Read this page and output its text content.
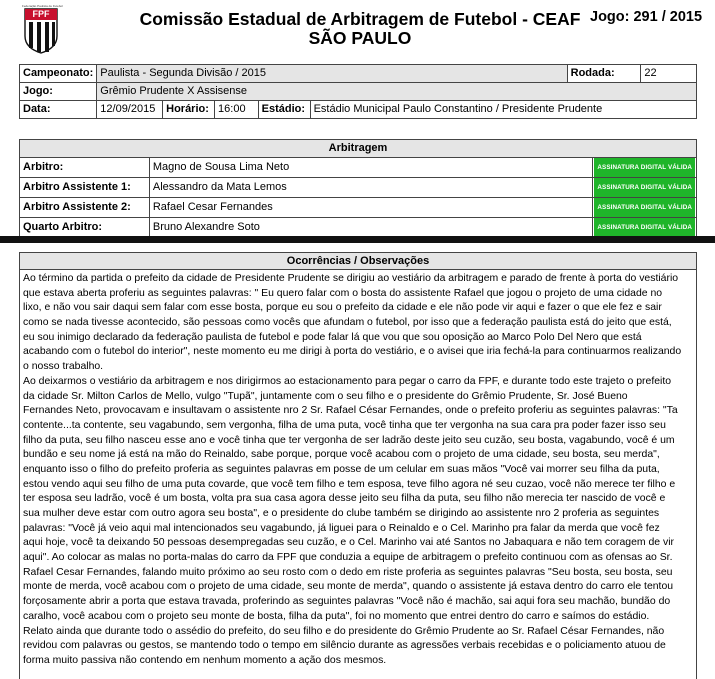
Federação Paulista de Futebol
FPF	Comissão Estadual de Arbitragem de Futebol - CEAF
SÃO PAULO
Jogo: 291 / 2015
Campeonato:	Paulista - Segunda Divisão / 2015					Rodada:	22
Jogo:	Grêmio Prudente X Assisense						
Data:	12/09/2015	Horário:	16:00	Estádio:	Estádio Municipal Paulo Constantino / Presidente Prudente		
Arbitragem		
Arbitro:	Magno de Sousa Lima Neto	ASSINATURA DIGITAL VÁLIDA
Arbitro Assistente 1:	Alessandro da Mata Lemos	ASSINATURA DIGITAL VÁLIDA
Arbitro Assistente 2:	Rafael Cesar Fernandes	ASSINATURA DIGITAL VÁLIDA
Quarto Arbitro:	Bruno Alexandre Soto	ASSINATURA DIGITAL VÁLIDA
Ocorrências / Observações
Ao término da partida o prefeito da cidade de Presidente Prudente se dirigiu ao vestiário da arbitragem e parado de frente à porta do vestiário
que estava aberta proferiu as seguintes palavras: " Eu quero falar com o bosta do assistente Rafael que jogou o projeto de uma cidade no
lixo, e não vou sair daqui sem falar com esse bosta, porque eu sou o prefeito da cidade e ele não pode vir aqui e fazer o que ele fez e sair
como se nada tivesse acontecido, são pessoas como vocês que afundam o futebol, por isso que a federação paulista está do jeito que está,
eu sou inimigo declarado da federação paulista de futebol e pode falar lá que vou que sou oposição ao Marco Polo Del Nero que está
acabando com o futebol do interior", neste momento eu me dirigi à porta do vestiário, e o avisei que iria fechá-la para continuarmos realizando
o nosso trabalho.
Ao deixarmos o vestiário da arbitragem e nos dirigirmos ao estacionamento para pegar o carro da FPF, e durante todo este trajeto o prefeito
da cidade Sr. Milton Carlos de Mello, vulgo "Tupã", juntamente com o seu filho e o presidente do Grêmio Prudente, Sr. José Bueno
Fernandes Neto, provocavam e insultavam o assistente nro 2 Sr. Rafael César Fernandes, onde o prefeito proferiu as seguintes palavras: "Ta
contente...ta contente, seu vagabundo, sem vergonha, filha de uma puta, você tinha que ter vergonha na sua cara pra poder fazer isso seu
filho da puta, seu filho nasceu esse ano e você tinha que ter vergonha de ser ladrão deste jeito seu cuzão, seu bosta, vagabundo, você é um
bundão e seu nome já está na mão do Reinaldo, sabe porque, porque você acabou com o projeto de uma cidade, seu bosta, seu merda",
enquanto isso o filho do prefeito proferia as seguintes palavras em posse de um celular em suas mãos "Você vai morrer seu filha da puta,
estou vendo aqui seu filho de uma puta covarde, que você tem filho e tem esposa, teve filho agora né seu cuzao, você não merece ter filho e
ter esposa seu ladrão, você é um bosta, volta pra sua casa agora desse jeito seu filha da puta, seu filho não merecia ter nascido de você e
sua mulher deve estar com outro agora seu bosta", e o presidente do clube também se dirigindo ao assistente nro 2 proferia as seguintes
palavras: "Você já veio aqui mal intencionados seu vagabundo, já liguei para o Reinaldo e o Cel. Marinho pra falar da merda que você fez
aqui hoje, você ta deixando 50 pessoas desempregadas seu cuzão, e o Cel. Marinho vai até Santos no Jabaquara e não tem coragem de vir
aqui". Ao colocar as malas no porta-malas do carro da FPF que conduzia a equipe de arbitragem o prefeito continuou com as ofensas ao Sr.
Rafael Cesar Fernandes, falando muito próximo ao seu rosto com o dedo em riste proferia as seguintes palavras "Seu bosta, seu bosta, seu
monte de merda, você acabou com o projeto de uma cidade, seu monte de merda", quando o assistente já estava dentro do carro ele tentou
forçosamente abrir a porta que estava travada, proferindo as seguintes palavras "Você não é machão, sai aqui fora seu machão, bundão do
caralho, você acabou com o projeto seu monte de bosta, filha da puta", foi no momento que entrei dentro do carro e saímos do estádio.
Relato ainda que durante todo o assédio do prefeito, do seu filho e do presidente do Grêmio Prudente ao Sr. Rafael César Fernandes, não
revidou com palavras ou gestos, se mantendo todo o tempo em silêncio durante as agressões verbais recebidas e o policiamento atuou de
forma muito passiva não contendo em nenhum momento a ação dos mesmos.
